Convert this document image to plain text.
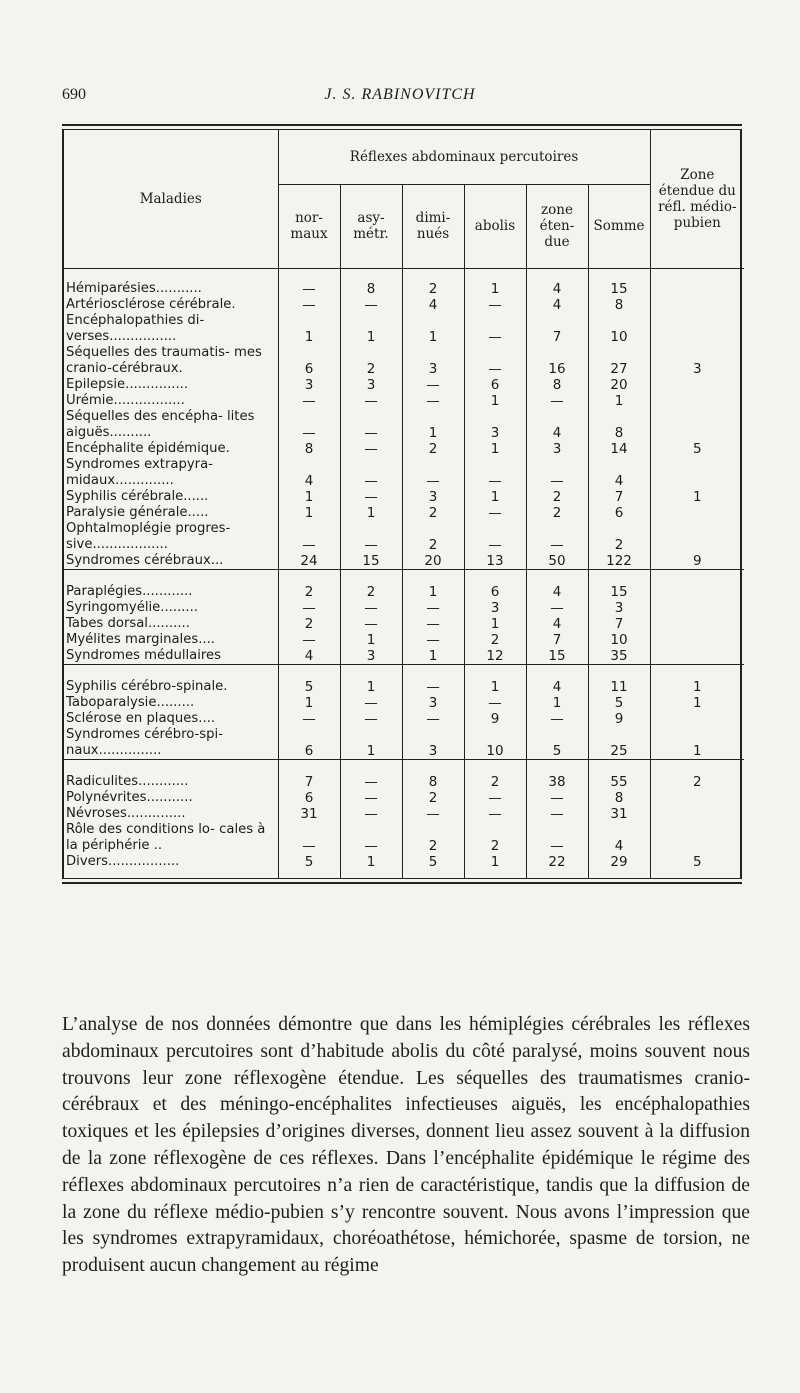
690	J. S. RABINOVITCH
Maladies	Réflexes abdominaux percutoires						Zone étendue du réfl. médio-pubien
	nor- maux	asy- métr.	dimi- nués	abolis	zone éten- due	Somme	

Hémiparésies...........	—	8	2	1	4	15	
Artériosclérose cérébrale.	—	—	4	—	4	8	
Encéphalopathies di- verses................	1	1	1	—	7	10	
Séquelles des traumatis- mes cranio-cérébraux.	6	2	3	—	16	27	3
Epilepsie...............	3	3	—	6	8	20	
Urémie.................	—	—	—	1	—	1	
Séquelles des encépha- lites aiguës..........	—	—	1	3	4	8	
Encéphalite épidémique.	8	—	2	1	3	14	5
Syndromes extrapyra- midaux..............	4	—	—	—	—	4	
Syphilis cérébrale......	1	—	3	1	2	7	1
Paralysie générale.....	1	1	2	—	2	6	
Ophtalmoplégie progres- sive..................	—	—	2	—	—	2	
Syndromes cérébraux...	24	15	20	13	50	122	9

Paraplégies............	2	2	1	6	4	15	
Syringomyélie.........	—	—	—	3	—	3	
Tabes dorsal..........	2	—	—	1	4	7	
Myélites marginales....	—	1	—	2	7	10	
Syndromes médullaires	4	3	1	12	15	35	

Syphilis cérébro-spinale.	5	1	—	1	4	11	1
Taboparalysie.........	1	—	3	—	1	5	1
Sclérose en plaques....	—	—	—	9	—	9	
Syndromes cérébro-spi- naux...............	6	1	3	10	5	25	1

Radiculites............	7	—	8	2	38	55	2
Polynévrites...........	6	—	2	—	—	8	
Névroses..............	31	—	—	—	—	31	
Rôle des conditions lo- cales à la périphérie ..	—	—	2	2	—	4	
Divers.................	5	1	5	1	22	29	5

L’analyse de nos données démontre que dans les hémiplégies cérébrales les réflexes abdominaux percutoires sont d’habitude abolis du côté paralysé, moins souvent nous trouvons leur zone réflexogène étendue. Les séquelles des traumatismes cranio-cérébraux et des méningo-encéphalites infectieuses aiguës, les encéphalopathies toxiques et les épilepsies d’origines diverses, donnent lieu assez souvent à la diffusion de la zone réflexogène de ces réflexes. Dans l’encéphalite épidémique le régime des réflexes abdominaux percutoires n’a rien de caractéristique, tandis que la diffusion de la zone du réflexe médio-pubien s’y rencontre souvent. Nous avons l’impression que les syndromes extrapyramidaux, choréoathétose, hémichorée, spasme de torsion, ne produisent aucun changement au régime
